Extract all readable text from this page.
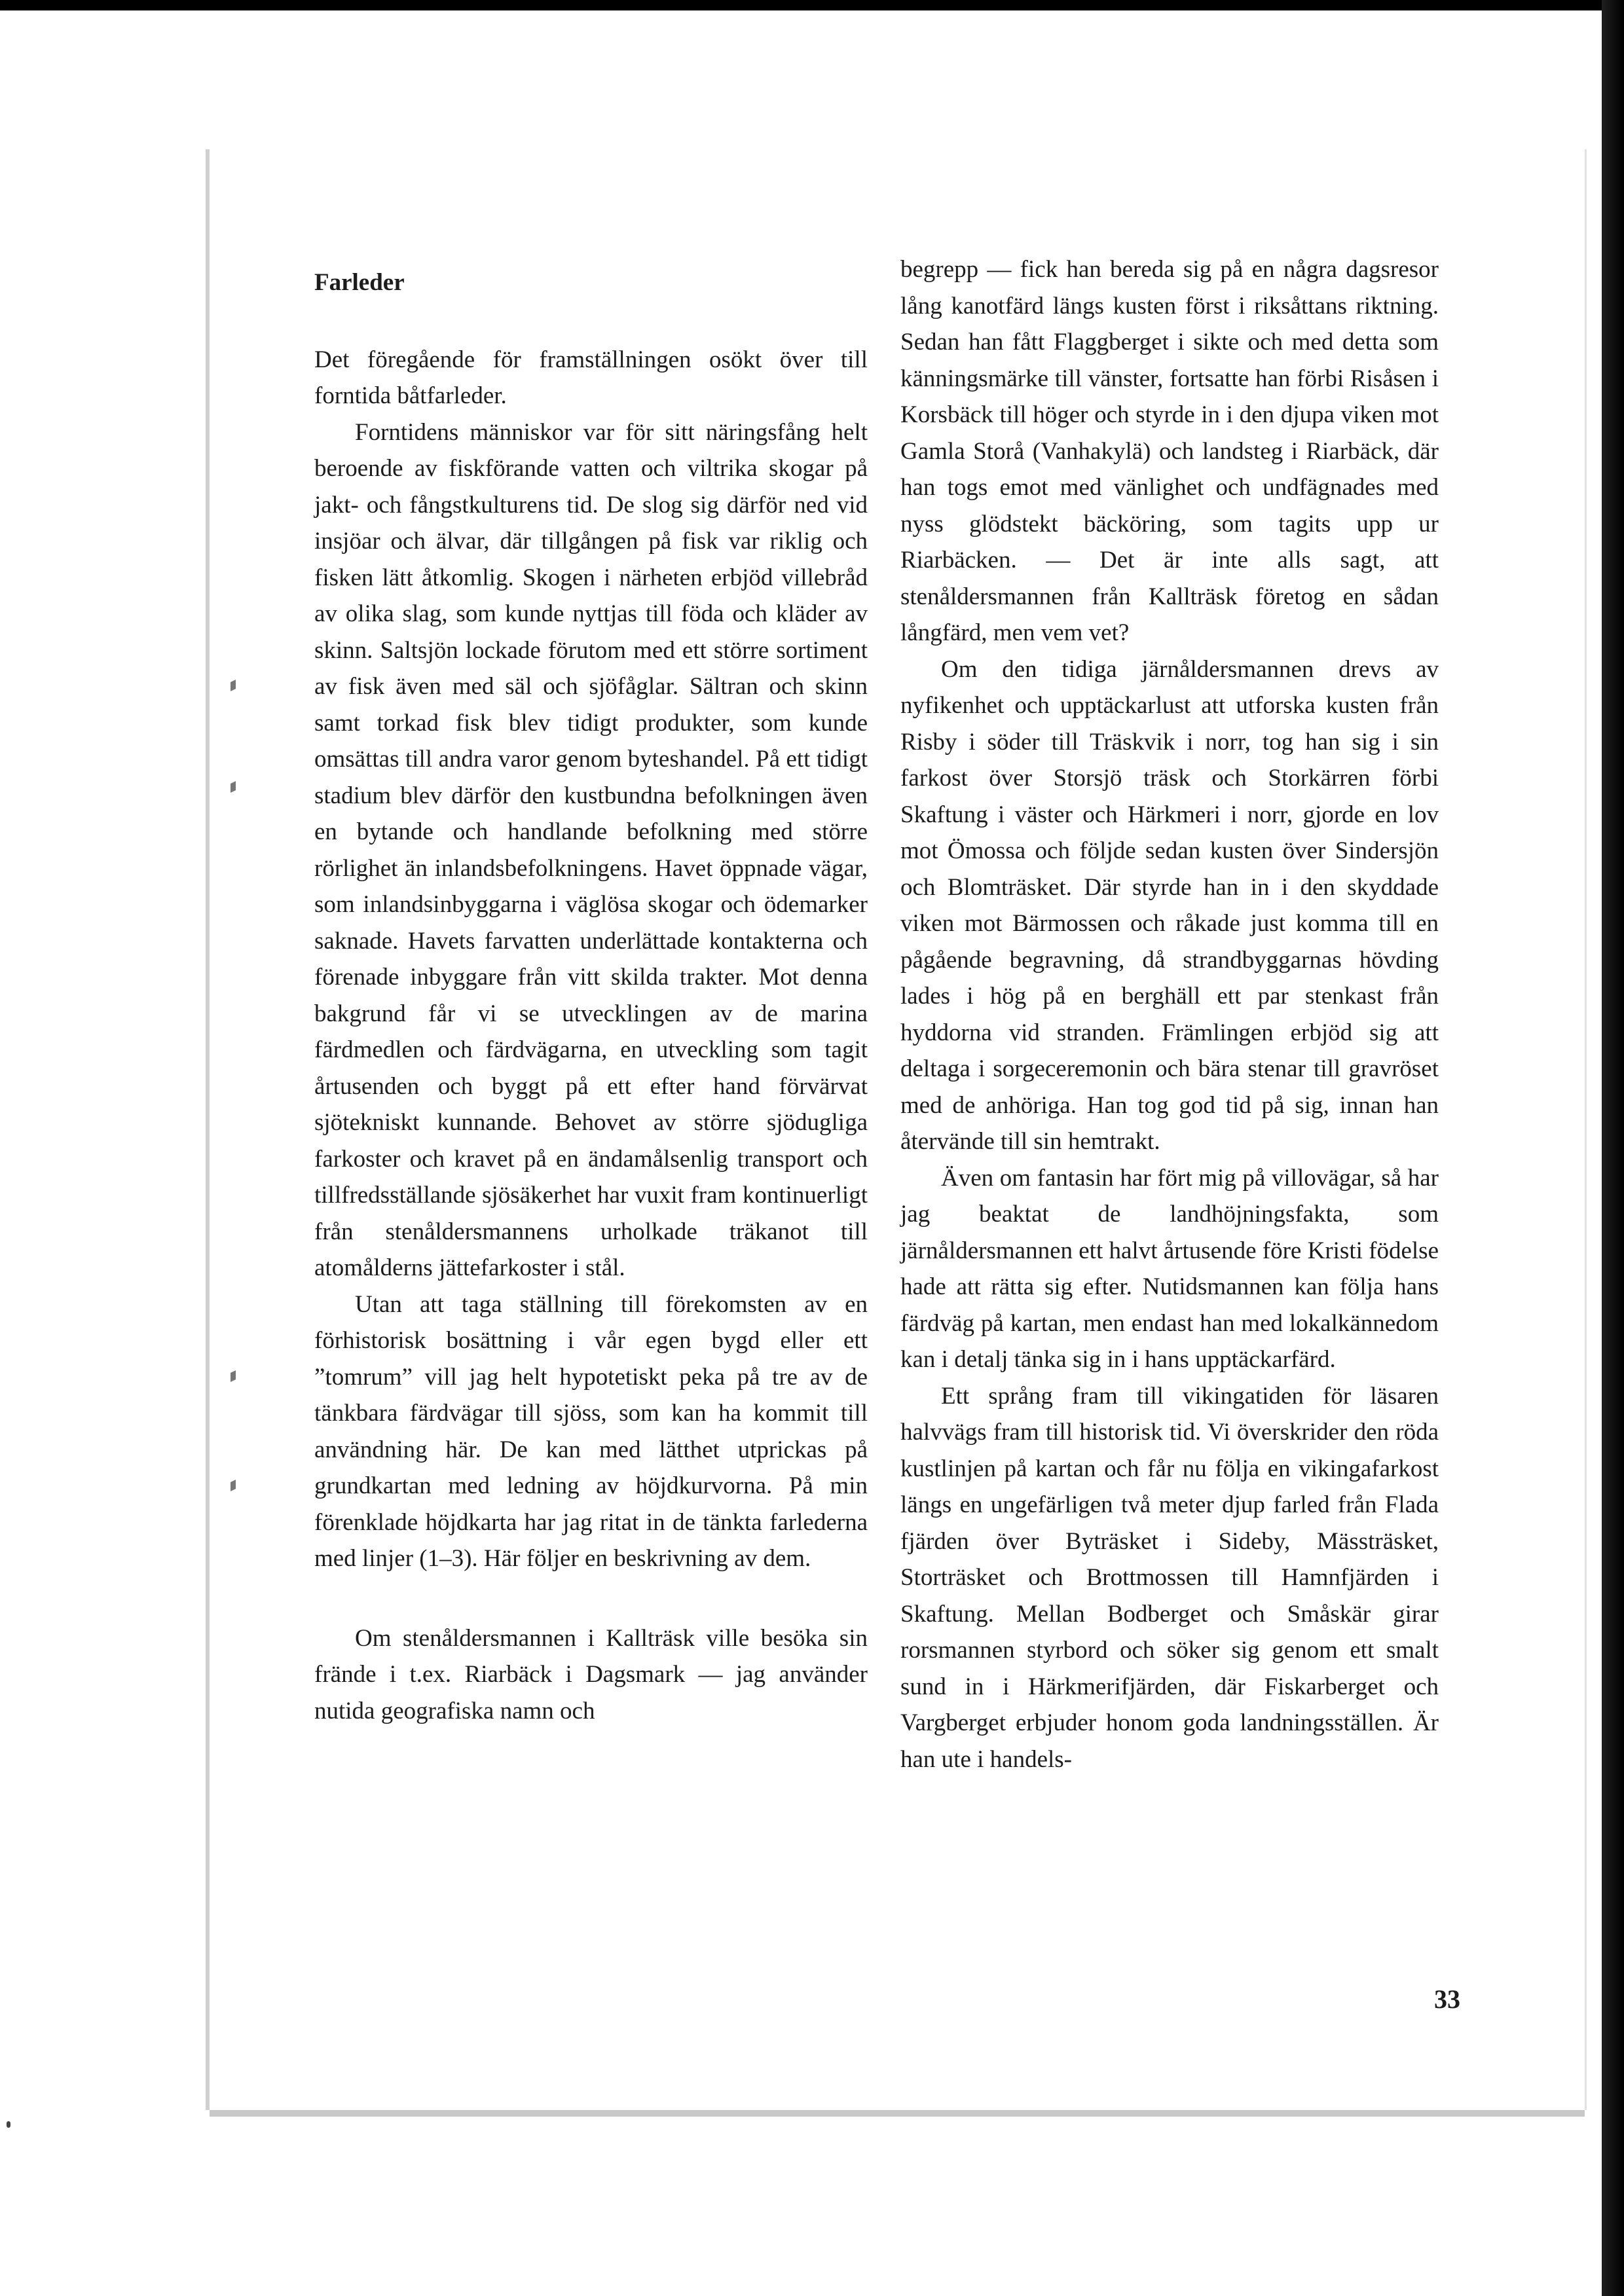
Farleder

Det föregående för framställningen osökt över till forntida båtfarleder.

Forntidens människor var för sitt näringsfång helt beroende av fiskförande vatten och viltrika skogar på jakt- och fångstkulturens tid. De slog sig därför ned vid insjöar och älvar, där tillgången på fisk var riklig och fisken lätt åtkomlig. Skogen i närheten erbjöd villebråd av olika slag, som kunde nyttjas till föda och kläder av skinn. Saltsjön lockade förutom med ett större sortiment av fisk även med säl och sjöfåglar. Sältran och skinn samt torkad fisk blev tidigt produkter, som kunde omsättas till andra varor genom byteshandel. På ett tidigt stadium blev därför den kustbundna befolkningen även en bytande och handlande befolkning med större rörlighet än inlandsbefolkningens. Havet öppnade vägar, som inlandsinbyggarna i väglösa skogar och ödemarker saknade. Havets farvatten underlättade kontakterna och förenade inbyggare från vitt skilda trakter. Mot denna bakgrund får vi se utvecklingen av de marina färdmedlen och färdvägarna, en utveckling som tagit årtusenden och byggt på ett efter hand förvärvat sjötekniskt kunnande. Behovet av större sjödugliga farkoster och kravet på en ändamålsenlig transport och tillfredsställande sjösäkerhet har vuxit fram kontinuerligt från stenåldersmannens urholkade träkanot till atomålderns jättefarkoster i stål.

Utan att taga ställning till förekomsten av en förhistorisk bosättning i vår egen bygd eller ett ”tomrum” vill jag helt hypotetiskt peka på tre av de tänkbara färdvägar till sjöss, som kan ha kommit till användning här. De kan med lätthet utprickas på grundkartan med ledning av höjdkurvorna. På min förenklade höjdkarta har jag ritat in de tänkta farlederna med linjer (1–3). Här följer en beskrivning av dem.

Om stenåldersmannen i Kallträsk ville besöka sin frände i t.ex. Riarbäck i Dagsmark — jag använder nutida geografiska namn och

begrepp — fick han bereda sig på en några dagsresor lång kanotfärd längs kusten först i riksåttans riktning. Sedan han fått Flaggberget i sikte och med detta som känningsmärke till vänster, fortsatte han förbi Risåsen i Korsbäck till höger och styrde in i den djupa viken mot Gamla Storå (Vanhakylä) och landsteg i Riarbäck, där han togs emot med vänlighet och undfägnades med nyss glödstekt bäcköring, som tagits upp ur Riarbäcken. — Det är inte alls sagt, att stenåldersmannen från Kallträsk företog en sådan långfärd, men vem vet?

Om den tidiga järnåldersmannen drevs av nyfikenhet och upptäckarlust att utforska kusten från Risby i söder till Träskvik i norr, tog han sig i sin farkost över Storsjö träsk och Storkärren förbi Skaftung i väster och Härkmeri i norr, gjorde en lov mot Ömossa och följde sedan kusten över Sindersjön och Blomträsket. Där styrde han in i den skyddade viken mot Bärmossen och råkade just komma till en pågående begravning, då strandbyggarnas hövding lades i hög på en berghäll ett par stenkast från hyddorna vid stranden. Främlingen erbjöd sig att deltaga i sorgeceremonin och bära stenar till gravröset med de anhöriga. Han tog god tid på sig, innan han återvände till sin hemtrakt.

Även om fantasin har fört mig på villovägar, så har jag beaktat de landhöjningsfakta, som järnåldersmannen ett halvt årtusende före Kristi födelse hade att rätta sig efter. Nutidsmannen kan följa hans färdväg på kartan, men endast han med lokalkännedom kan i detalj tänka sig in i hans upptäckarfärd.

Ett språng fram till vikingatiden för läsaren halvvägs fram till historisk tid. Vi överskrider den röda kustlinjen på kartan och får nu följa en vikingafarkost längs en ungefärligen två meter djup farled från Flada fjärden över Byträsket i Sideby, Mässträsket, Storträsket och Brottmossen till Hamnfjärden i Skaftung. Mellan Bodberget och Småskär girar rorsmannen styrbord och söker sig genom ett smalt sund in i Härkmerifjärden, där Fiskarberget och Vargberget erbjuder honom goda landningsställen. Är han ute i handels-

33
